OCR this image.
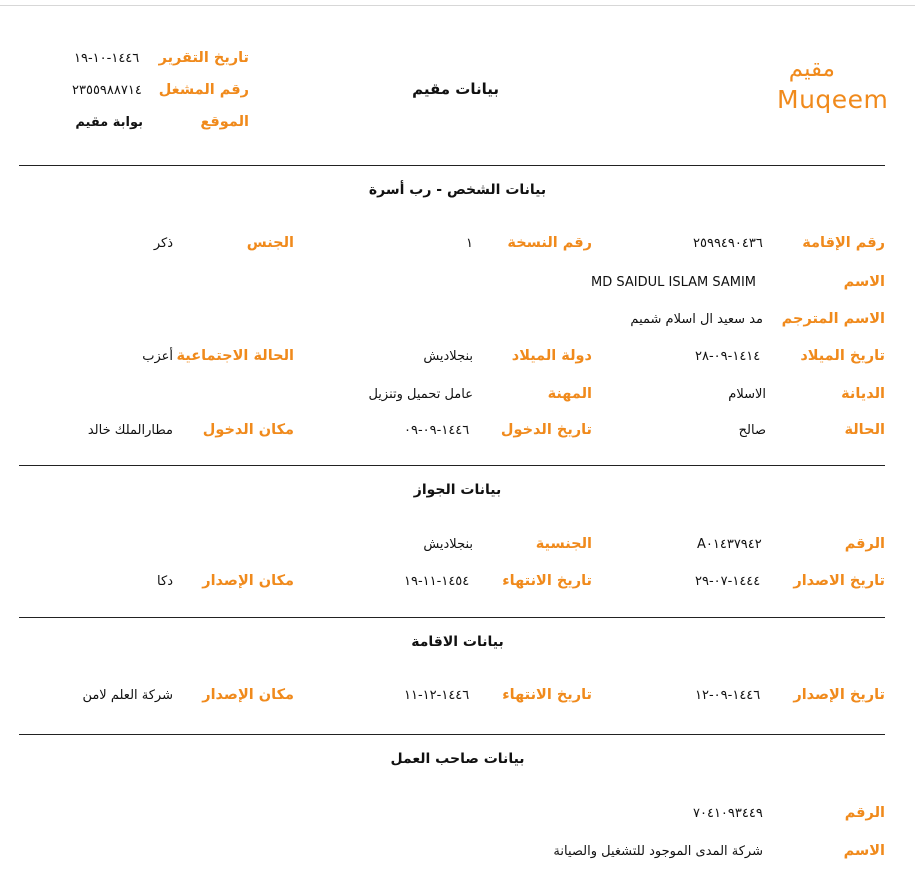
تاريخ التقرير
١٤٤٦-١٠-١٩
رقم المشغل
٢٣٥٥٩٨٨٧١٤
الموقع
بوابة مقيم
بيانات مقيم
مقيم
Muqeem
بيانات الشخص - رب أسرة
رقم الإقامة
٢٥٩٩٤٩٠٤٣٦
رقم النسخة
١
الجنس
ذكر
الاسم
MD SAIDUL ISLAM SAMIM
الاسم المترجم
مد سعيد ال اسلام شميم
تاريخ الميلاد
١٤١٤-٠٩-٢٨
دولة الميلاد
بنجلاديش
الحالة الاجتماعية
أعزب
الديانة
الاسلام
المهنة
عامل تحميل وتنزيل
الحالة
صالح
تاريخ الدخول
١٤٤٦-٠٩-٠٩
مكان الدخول
مطارالملك خالد
بيانات الجواز
الرقم
A٠١٤٣٧٩٤٢
الجنسية
بنجلاديش
تاريخ الاصدار
١٤٤٤-٠٧-٢٩
تاريخ الانتهاء
١٤٥٤-١١-١٩
مكان الإصدار
دكا
بيانات الاقامة
تاريخ الإصدار
١٤٤٦-٠٩-١٢
تاريخ الانتهاء
١٤٤٦-١٢-١١
مكان الإصدار
شركة العلم لامن
بيانات صاحب العمل
الرقم
٧٠٤١٠٩٣٤٤٩
الاسم
شركة المدى الموجود للتشغيل والصيانة
